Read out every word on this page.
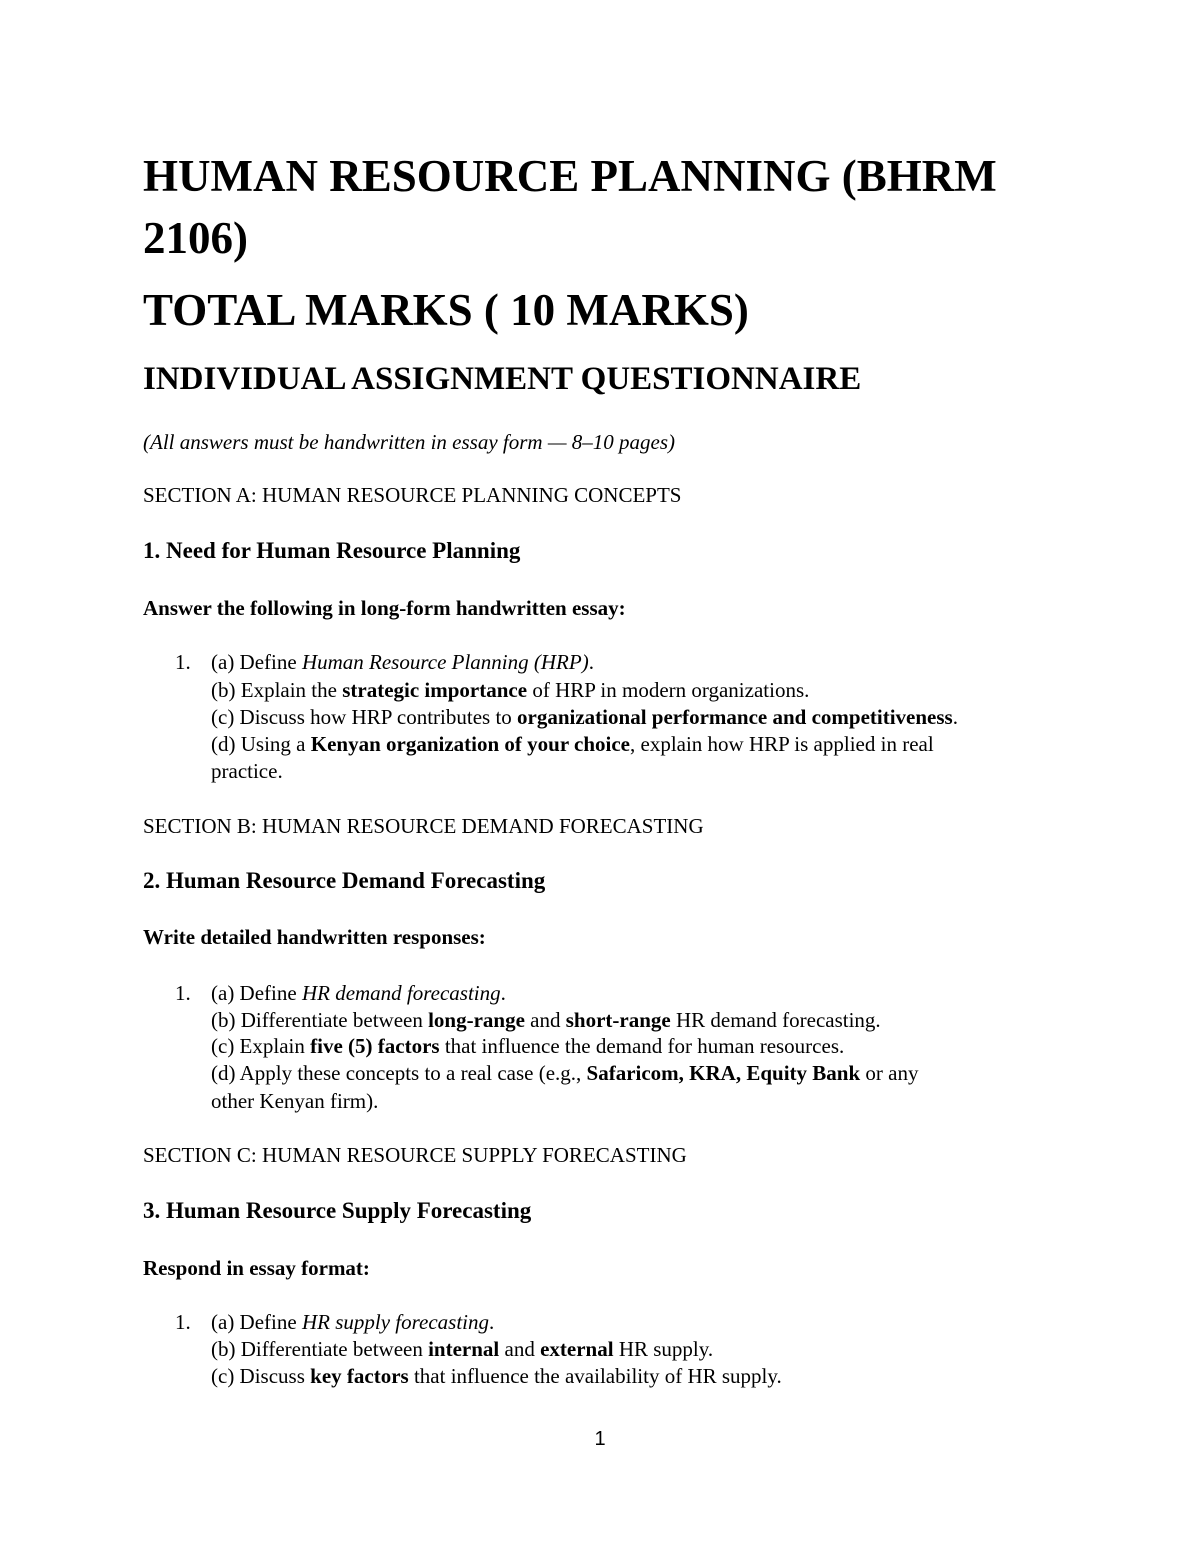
HUMAN RESOURCE PLANNING (BHRM
2106)
TOTAL MARKS ( 10 MARKS)
INDIVIDUAL ASSIGNMENT QUESTIONNAIRE
(All answers must be handwritten in essay form — 8–10 pages)
SECTION A: HUMAN RESOURCE PLANNING CONCEPTS
1. Need for Human Resource Planning
Answer the following in long-form handwritten essay:
1. (a) Define Human Resource Planning (HRP).
(b) Explain the strategic importance of HRP in modern organizations.
(c) Discuss how HRP contributes to organizational performance and competitiveness.
(d) Using a Kenyan organization of your choice, explain how HRP is applied in real
practice.
SECTION B: HUMAN RESOURCE DEMAND FORECASTING
2. Human Resource Demand Forecasting
Write detailed handwritten responses:
1. (a) Define HR demand forecasting.
(b) Differentiate between long-range and short-range HR demand forecasting.
(c) Explain five (5) factors that influence the demand for human resources.
(d) Apply these concepts to a real case (e.g., Safaricom, KRA, Equity Bank or any
other Kenyan firm).
SECTION C: HUMAN RESOURCE SUPPLY FORECASTING
3. Human Resource Supply Forecasting
Respond in essay format:
1. (a) Define HR supply forecasting.
(b) Differentiate between internal and external HR supply.
(c) Discuss key factors that influence the availability of HR supply.
1
